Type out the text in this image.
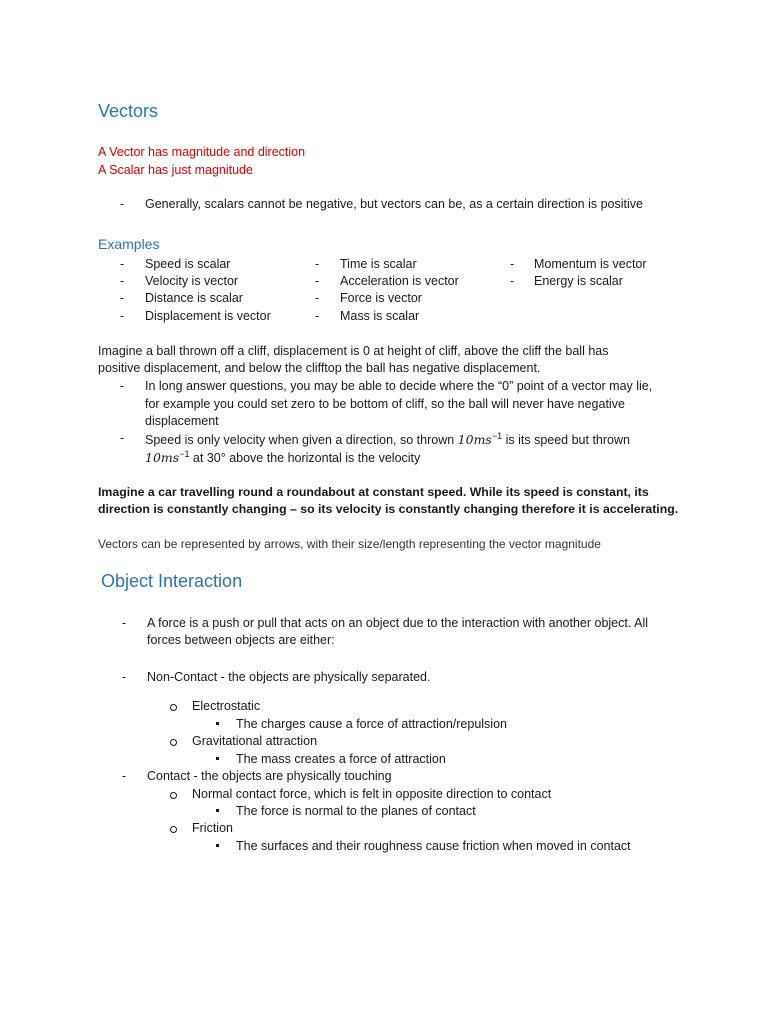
Vectors
A Vector has magnitude and direction
A Scalar has just magnitude
- Generally, scalars cannot be negative, but vectors can be, as a certain direction is positive
Examples
- Speed is scalar
- Velocity is vector
- Distance is scalar
- Displacement is vector
- Time is scalar
- Acceleration is vector
- Force is vector
- Mass is scalar
- Momentum is vector
- Energy is scalar
Imagine a ball thrown off a cliff, displacement is 0 at height of cliff, above the cliff the ball has
positive displacement, and below the clifftop the ball has negative displacement.
- In long answer questions, you may be able to decide where the “0” point of a vector may lie,
for example you could set zero to be bottom of cliff, so the ball will never have negative
displacement
- Speed is only velocity when given a direction, so thrown $10ms^{-1}$ is its speed but thrown
$10ms^{-1}$ at 30° above the horizontal is the velocity
Imagine a car travelling round a roundabout at constant speed. While its speed is constant, its
direction is constantly changing – so its velocity is constantly changing therefore it is accelerating.
Vectors can be represented by arrows, with their size/length representing the vector magnitude
Object Interaction
- A force is a push or pull that acts on an object due to the interaction with another object. All
forces between objects are either:
- Non-Contact - the objects are physically separated.
Electrostatic
The charges cause a force of attraction/repulsion
Gravitational attraction
The mass creates a force of attraction
- Contact - the objects are physically touching
Normal contact force, which is felt in opposite direction to contact
The force is normal to the planes of contact
Friction
The surfaces and their roughness cause friction when moved in contact
